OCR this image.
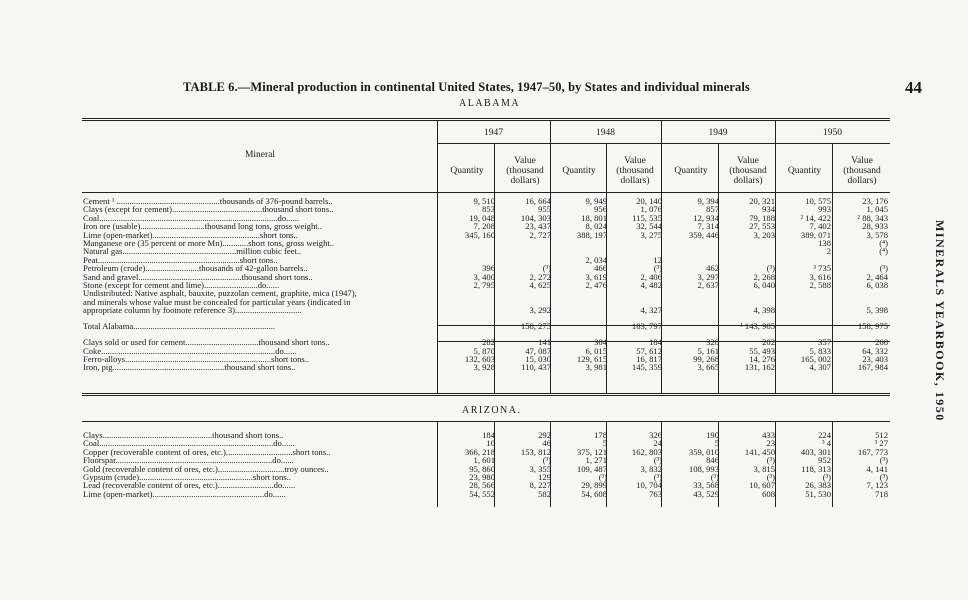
TABLE 6.—Mineral production in continental United States, 1947–50, by States and individual minerals	44
MINERALS YEARBOOK, 1950
ALABAMA
Mineral
1947	1948	1949	1950
Quantity
Value (thousand dollars)
Quantity
Value (thousand dollars)
Quantity
Value (thousand dollars)
Quantity
Value (thousand dollars)
Cement ¹ ................................................thousands of 376-pound barrels..	9, 510	16, 664	9, 949	20, 140	9, 394	20, 321	10, 575	23, 176
Clays (except for cement)..........................................thousand short tons..	853	955	956	1, 076	857	934	993	1, 045
Coal...................................................................................do......	19, 048	104, 303	18, 801	115, 535	12, 934	79, 188	² 14, 422	² 88, 343
Iron ore (usable)..............................thousand long tons, gross weight..	7, 208	23, 437	8, 024	32, 544	7, 314	27, 553	7, 402	28, 933
Lime (open-market)..................................................short tons..	345, 160	2, 727	388, 197	3, 275	359, 446	3, 203	389, 071	3, 578
Manganese ore (35 percent or more Mn)............short tons, gross weight..							138	(⁴)
Natural gas.....................................................million cubic feet..							2	(⁴)
Peat..................................................................short tons..			2, 034	12				
Petroleum (crude).........................thousands of 42-gallon barrels..	396	(³)	466	(³)	462	(³)	³ 735	(³)
Sand and gravel................................................thousand short tons..	3, 400	2, 272	3, 619	2, 406	3, 297	2, 268	3, 616	2, 464
Stone (except for cement and lime).........................do......	2, 795	4, 625	2, 476	4, 482	2, 637	6, 040	2, 588	6, 038
Undistributed: Native asphalt, bauxite, puzzolan cement, graphite, mica (1947),								
and minerals whose value must be concealed for particular years (indicated in								
appropriate column by footnote reference 3)...............................		3, 292		4, 327		4, 398		5, 398

Total Alabama..................................................................		158, 275		183, 797		¹ 143, 905		158, 975

Clays sold or used for cement..................................thousand short tons..	282	141	304	184	328	202	357	268
Coke.................................................................................do......	5, 870	47, 087	6, 015	57, 612	5, 161	55, 493	5, 833	64, 332
Ferro-alloys....................................................................short tons..	132, 603	15, 030	129, 615	16, 817	99, 268	14, 276	165, 002	23, 403
Iron, pig....................................................thousand short tons..	3, 928	110, 437	3, 981	145, 359	3, 665	131, 162	4, 307	167, 984
ARIZONA.
Clays...................................................thousand short tons..	184	292	178	326	190	433	224	512
Coal.................................................................................do......	10	46	5	24	5	23	³ 4	³ 27
Copper (recoverable content of ores, etc.)...............................short tons..	366, 218	153, 812	375, 121	162, 803	359, 010	141, 450	403, 301	167, 773
Fluorspar.........................................................................do......	1, 601	(³)	1, 271	(³)	846	(³)	952	(³)
Gold (recoverable content of ores, etc.)...............................troy ounces..	95, 860	3, 355	109, 487	3, 832	108, 993	3, 815	118, 313	4, 141
Gypsum (crude).....................................................short tons..	23, 980	129	(³)	(³)	(³)	(³)	(³)	(³)
Lead (recoverable content of ores, etc.)..........................do......	28, 566	8, 227	29, 899	10, 704	33, 568	10, 607	26, 383	7, 123
Lime (open-market)....................................................do......	54, 552	582	54, 608	763	43, 529	608	51, 530	718
